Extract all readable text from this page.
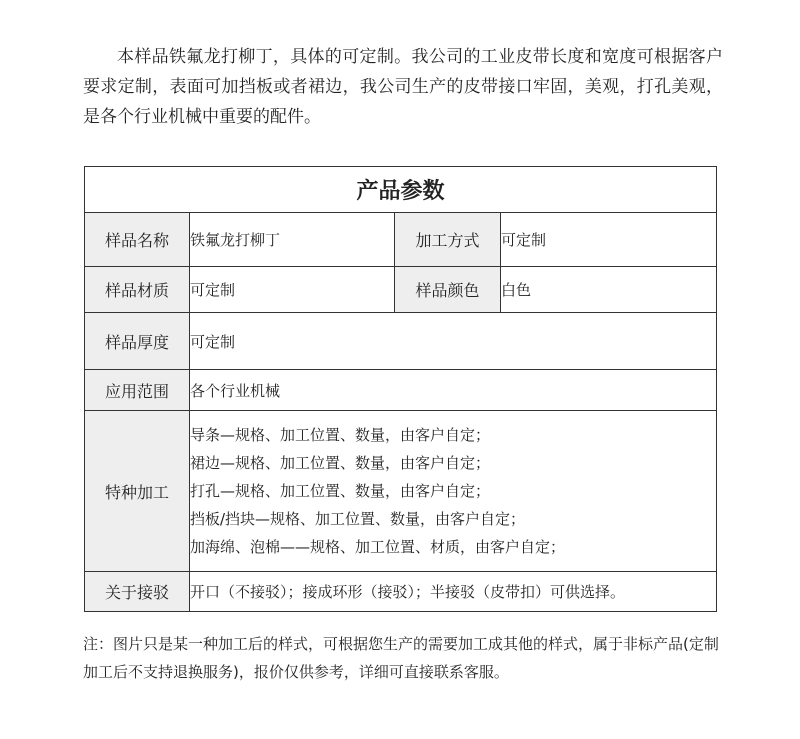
本样品铁氟龙打柳丁，具体的可定制。我公司的工业皮带长度和宽度可根据客户要求定制，表面可加挡板或者裙边，我公司生产的皮带接口牢固，美观，打孔美观，是各个行业机械中重要的配件。

产品参数			
样品名称	铁氟龙打柳丁	加工方式	可定制
样品材质	可定制	样品颜色	白色
样品厚度	可定制		
应用范围	各个行业机械		
特种加工	导条—规格、加工位置、数量，由客户自定；
裙边—规格、加工位置、数量，由客户自定；
打孔—规格、加工位置、数量，由客户自定；
挡板/挡块—规格、加工位置、数量，由客户自定；
加海绵、泡棉——规格、加工位置、材质，由客户自定；		

关于接驳	开口（不接驳）；接成环形（接驳）；半接驳（皮带扣）可供选择。		

注：图片只是某一种加工后的样式，可根据您生产的需要加工成其他的样式，属于非标产品(定制加工后不支持退换服务)，报价仅供参考，详细可直接联系客服。
